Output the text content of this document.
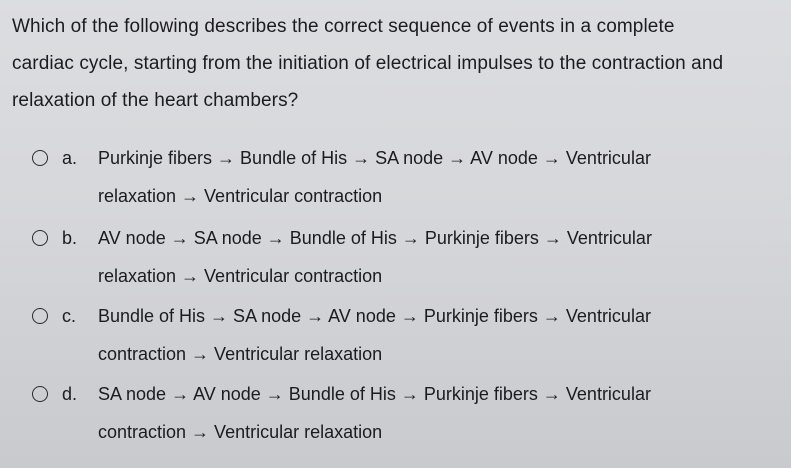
Which of the following describes the correct sequence of events in a complete
cardiac cycle, starting from the initiation of electrical impulses to the contraction and
relaxation of the heart chambers?
a. Purkinje fibers → Bundle of His → SA node → AV node → Ventricular
relaxation → Ventricular contraction
b. AV node → SA node → Bundle of His → Purkinje fibers → Ventricular
relaxation → Ventricular contraction
c. Bundle of His → SA node → AV node → Purkinje fibers → Ventricular
contraction → Ventricular relaxation
d. SA node → AV node → Bundle of His → Purkinje fibers → Ventricular
contraction → Ventricular relaxation
